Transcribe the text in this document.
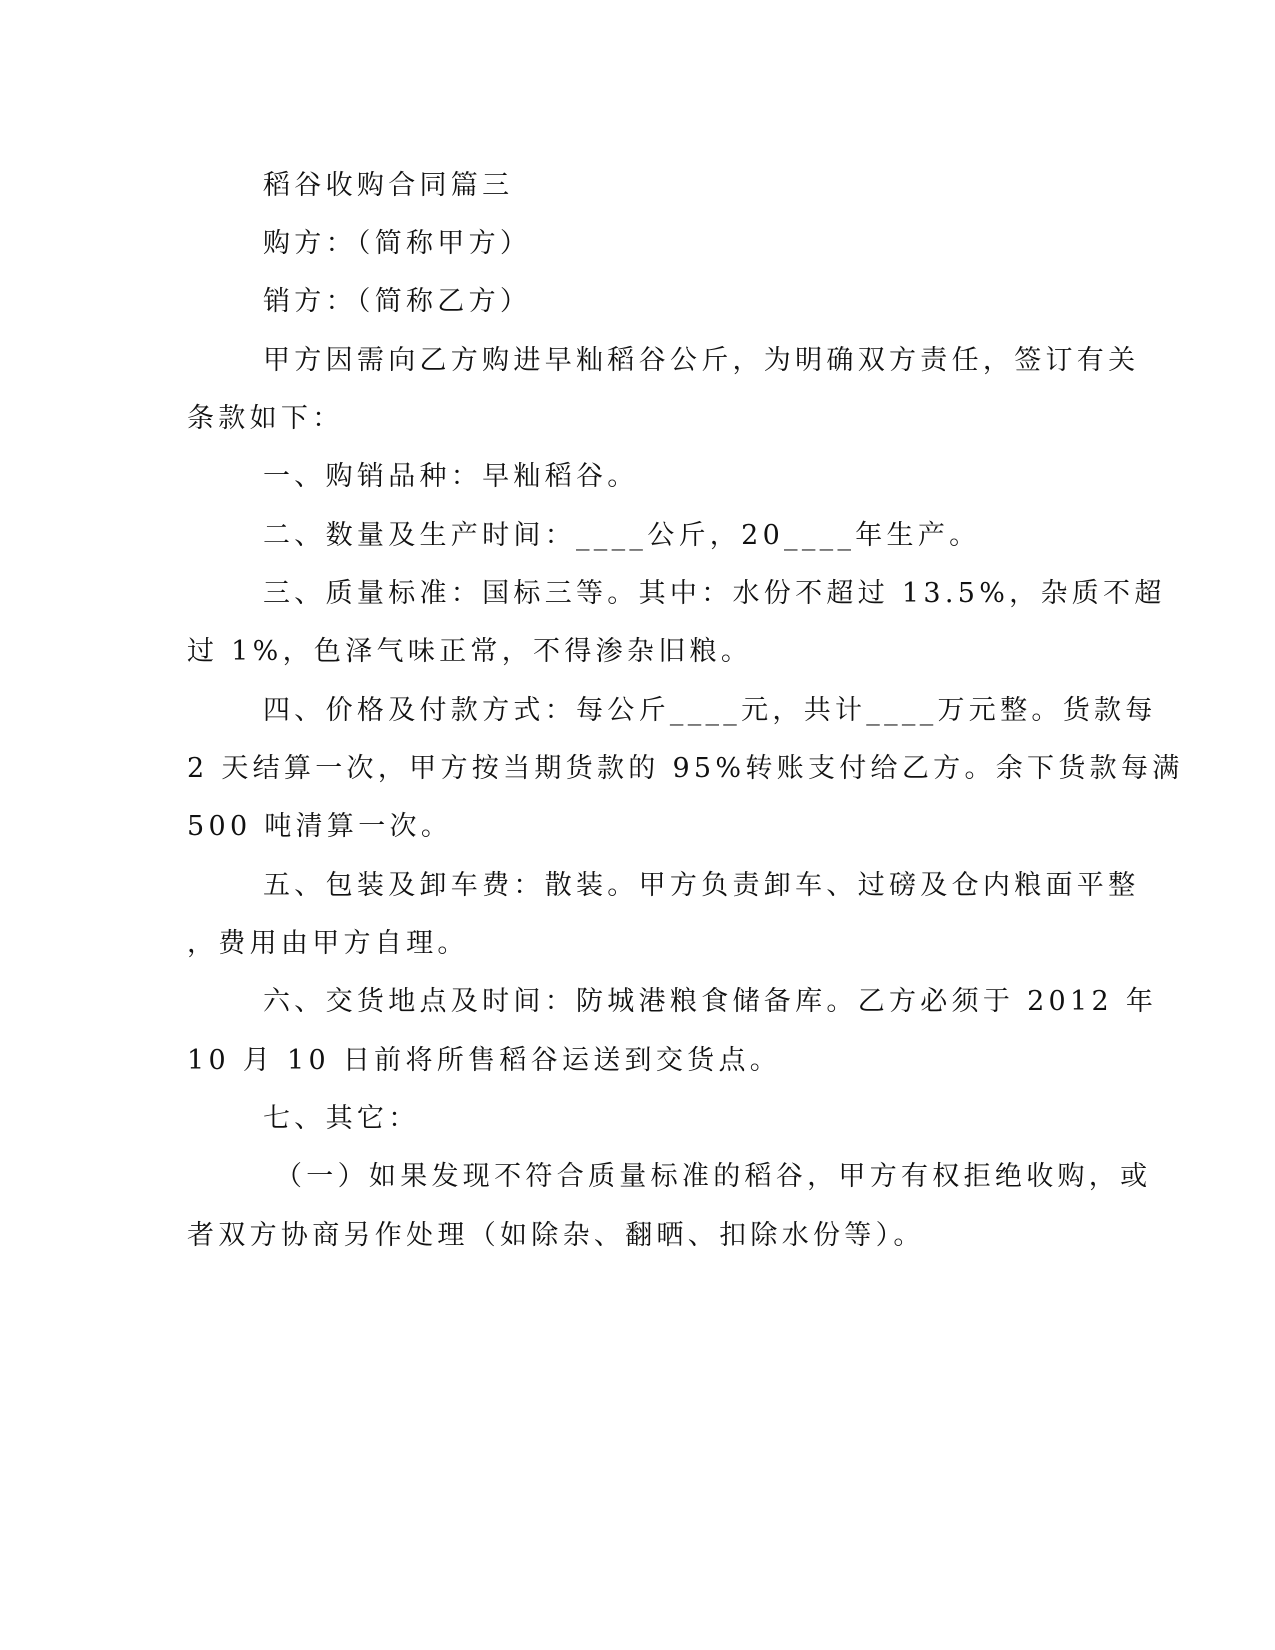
稻谷收购合同篇三
购方：（简称甲方）
销方：（简称乙方）
甲方因需向乙方购进早籼稻谷公斤，为明确双方责任，签订有关
条款如下：
一、购销品种：早籼稻谷。
二、数量及生产时间：____公斤，20____年生产。
三、质量标准：国标三等。其中：水份不超过 13.5%，杂质不超
过 1%，色泽气味正常，不得渗杂旧粮。
四、价格及付款方式：每公斤____元，共计____万元整。货款每
2 天结算一次，甲方按当期货款的 95%转账支付给乙方。余下货款每满
500 吨清算一次。
五、包装及卸车费：散装。甲方负责卸车、过磅及仓内粮面平整
，费用由甲方自理。
六、交货地点及时间：防城港粮食储备库。乙方必须于 2012 年
10 月 10 日前将所售稻谷运送到交货点。
七、其它：
（一）如果发现不符合质量标准的稻谷，甲方有权拒绝收购，或
者双方协商另作处理（如除杂、翻晒、扣除水份等）。
